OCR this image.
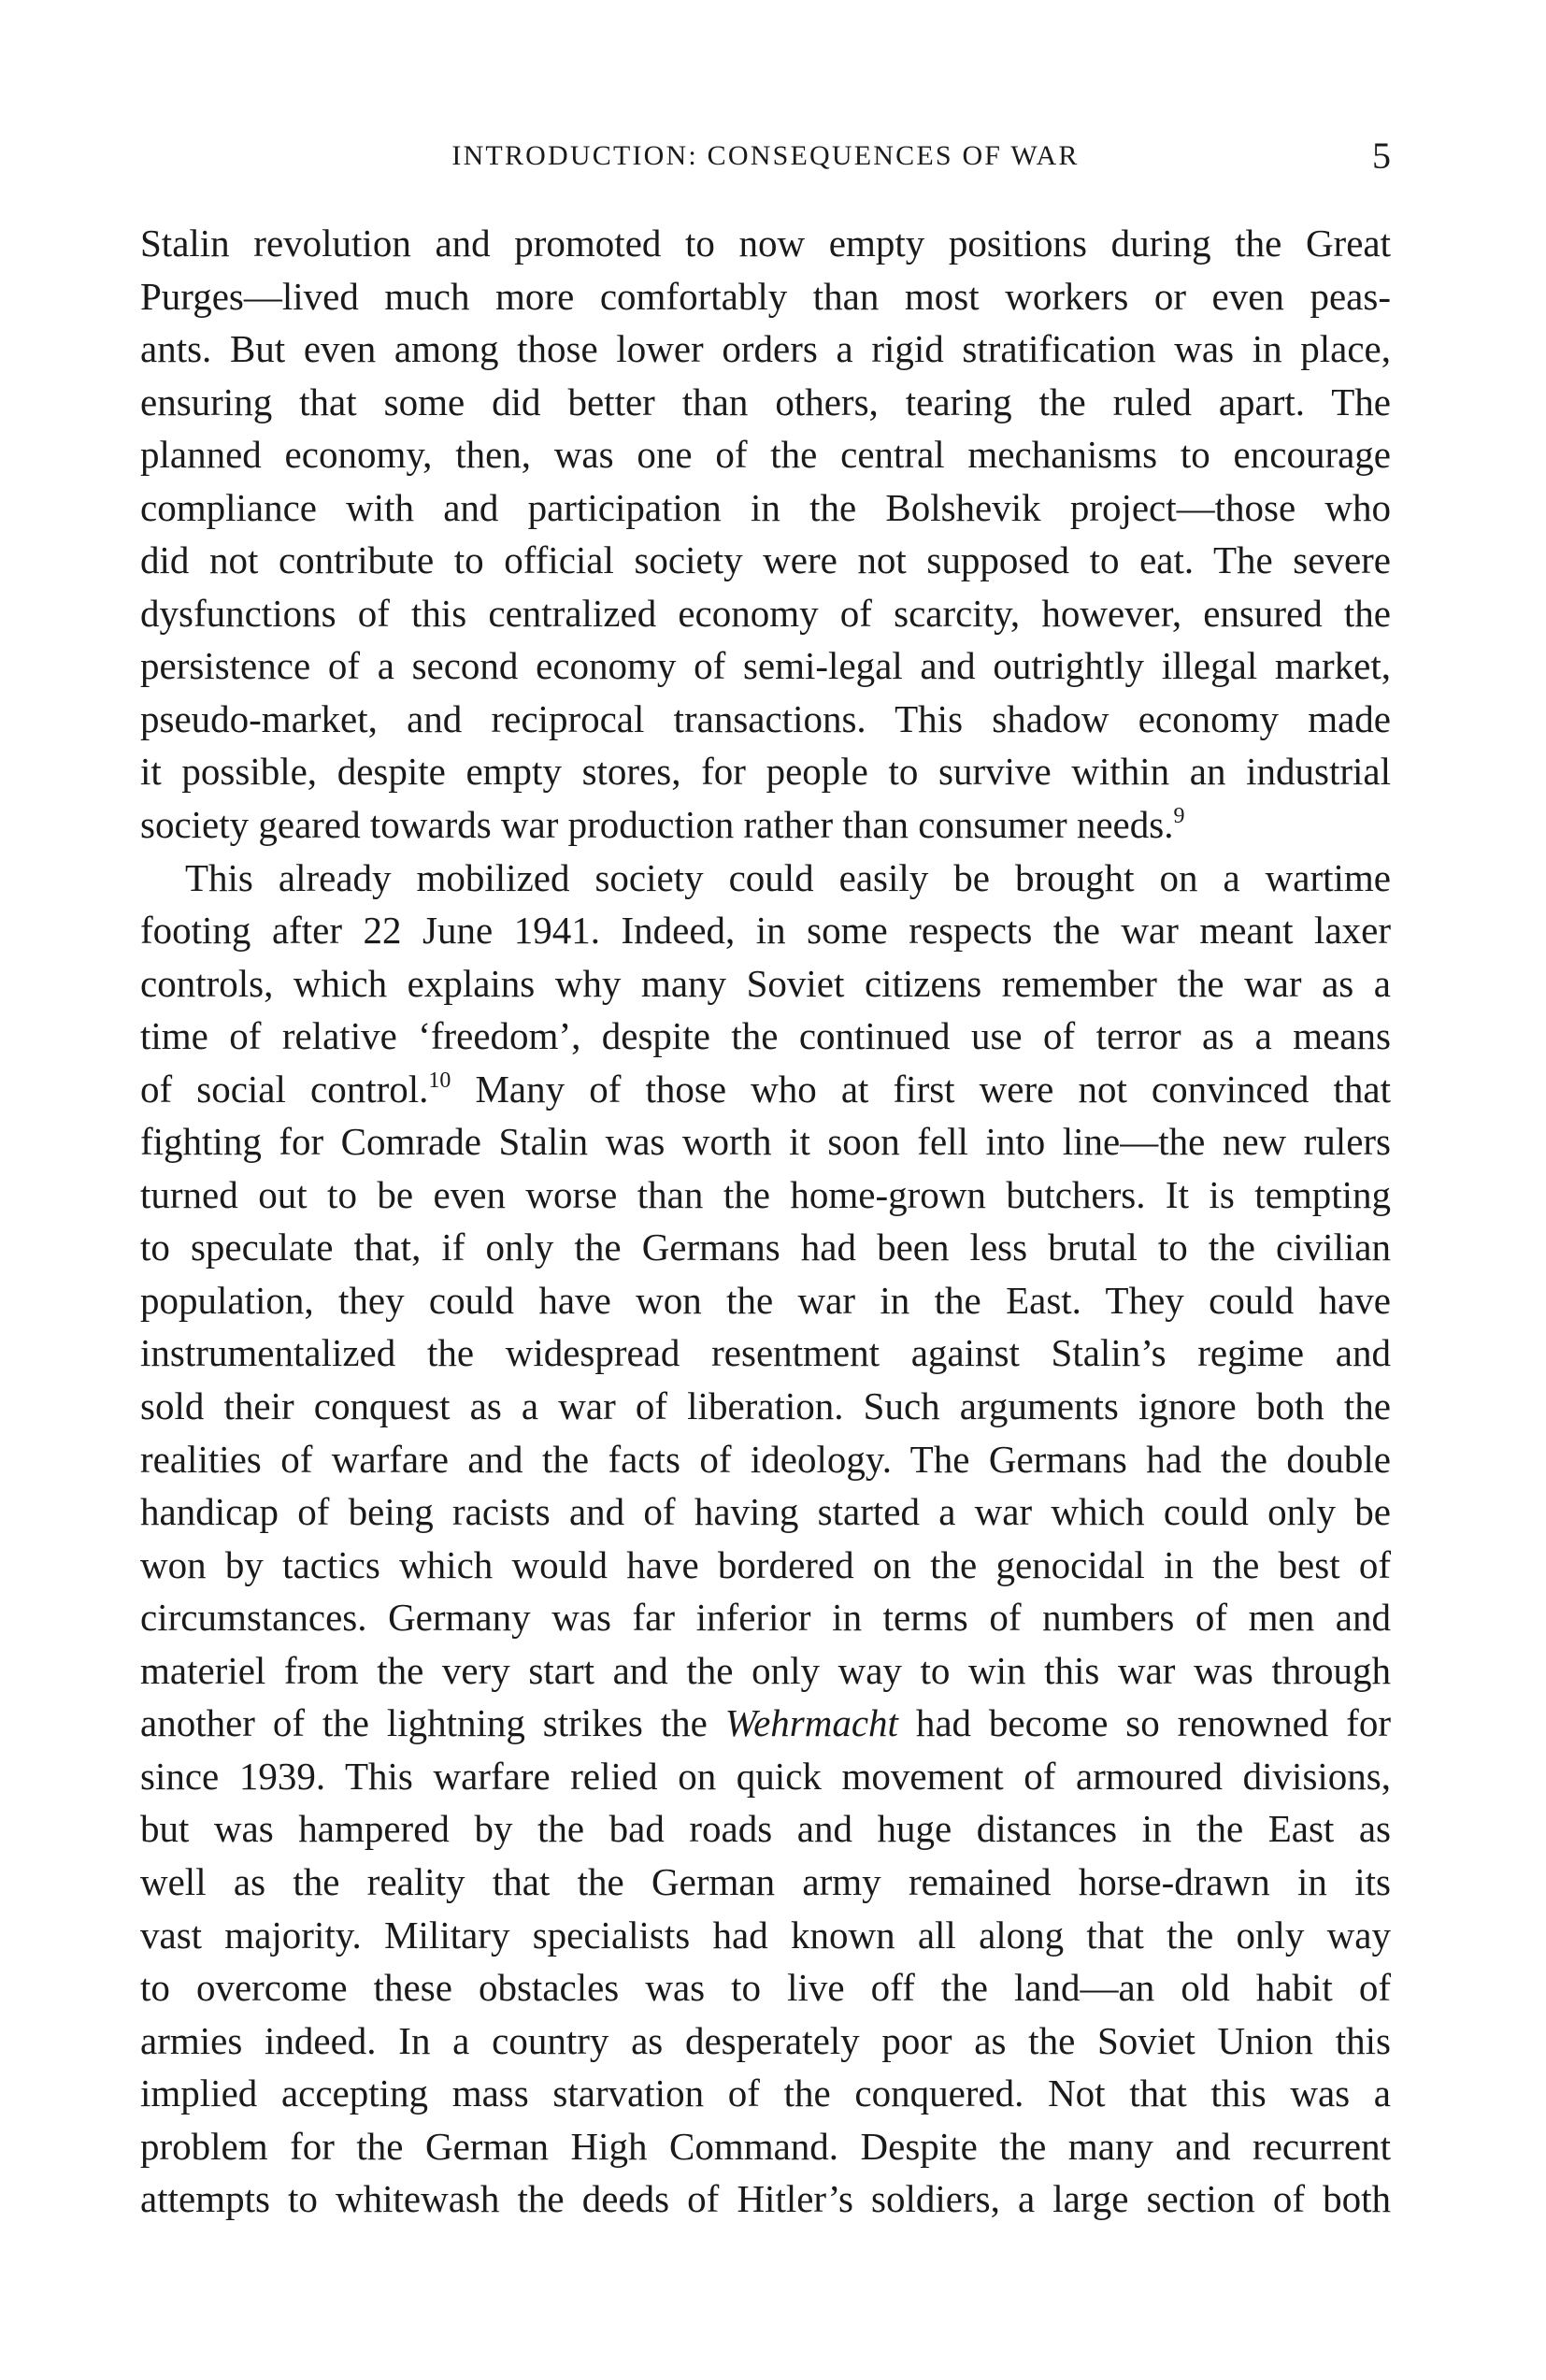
INTRODUCTION: CONSEQUENCES OF WAR	5
Stalin revolution and promoted to now empty positions during the Great
Purges—lived much more comfortably than most workers or even peas-
ants. But even among those lower orders a rigid stratification was in place,
ensuring that some did better than others, tearing the ruled apart. The
planned economy, then, was one of the central mechanisms to encourage
compliance with and participation in the Bolshevik project—those who
did not contribute to official society were not supposed to eat. The severe
dysfunctions of this centralized economy of scarcity, however, ensured the
persistence of a second economy of semi-legal and outrightly illegal market,
pseudo-market, and reciprocal transactions. This shadow economy made
it possible, despite empty stores, for people to survive within an industrial
society geared towards war production rather than consumer needs.$^9$
This already mobilized society could easily be brought on a wartime
footing after 22 June 1941. Indeed, in some respects the war meant laxer
controls, which explains why many Soviet citizens remember the war as a
time of relative ‘freedom’, despite the continued use of terror as a means
of social control.$^{10}$ Many of those who at first were not convinced that
fighting for Comrade Stalin was worth it soon fell into line—the new rulers
turned out to be even worse than the home-grown butchers. It is tempting
to speculate that, if only the Germans had been less brutal to the civilian
population, they could have won the war in the East. They could have
instrumentalized the widespread resentment against Stalin’s regime and
sold their conquest as a war of liberation. Such arguments ignore both the
realities of warfare and the facts of ideology. The Germans had the double
handicap of being racists and of having started a war which could only be
won by tactics which would have bordered on the genocidal in the best of
circumstances. Germany was far inferior in terms of numbers of men and
materiel from the very start and the only way to win this war was through
another of the lightning strikes the Wehrmacht had become so renowned for
since 1939. This warfare relied on quick movement of armoured divisions,
but was hampered by the bad roads and huge distances in the East as
well as the reality that the German army remained horse-drawn in its
vast majority. Military specialists had known all along that the only way
to overcome these obstacles was to live off the land—an old habit of
armies indeed. In a country as desperately poor as the Soviet Union this
implied accepting mass starvation of the conquered. Not that this was a
problem for the German High Command. Despite the many and recurrent
attempts to whitewash the deeds of Hitler’s soldiers, a large section of both
